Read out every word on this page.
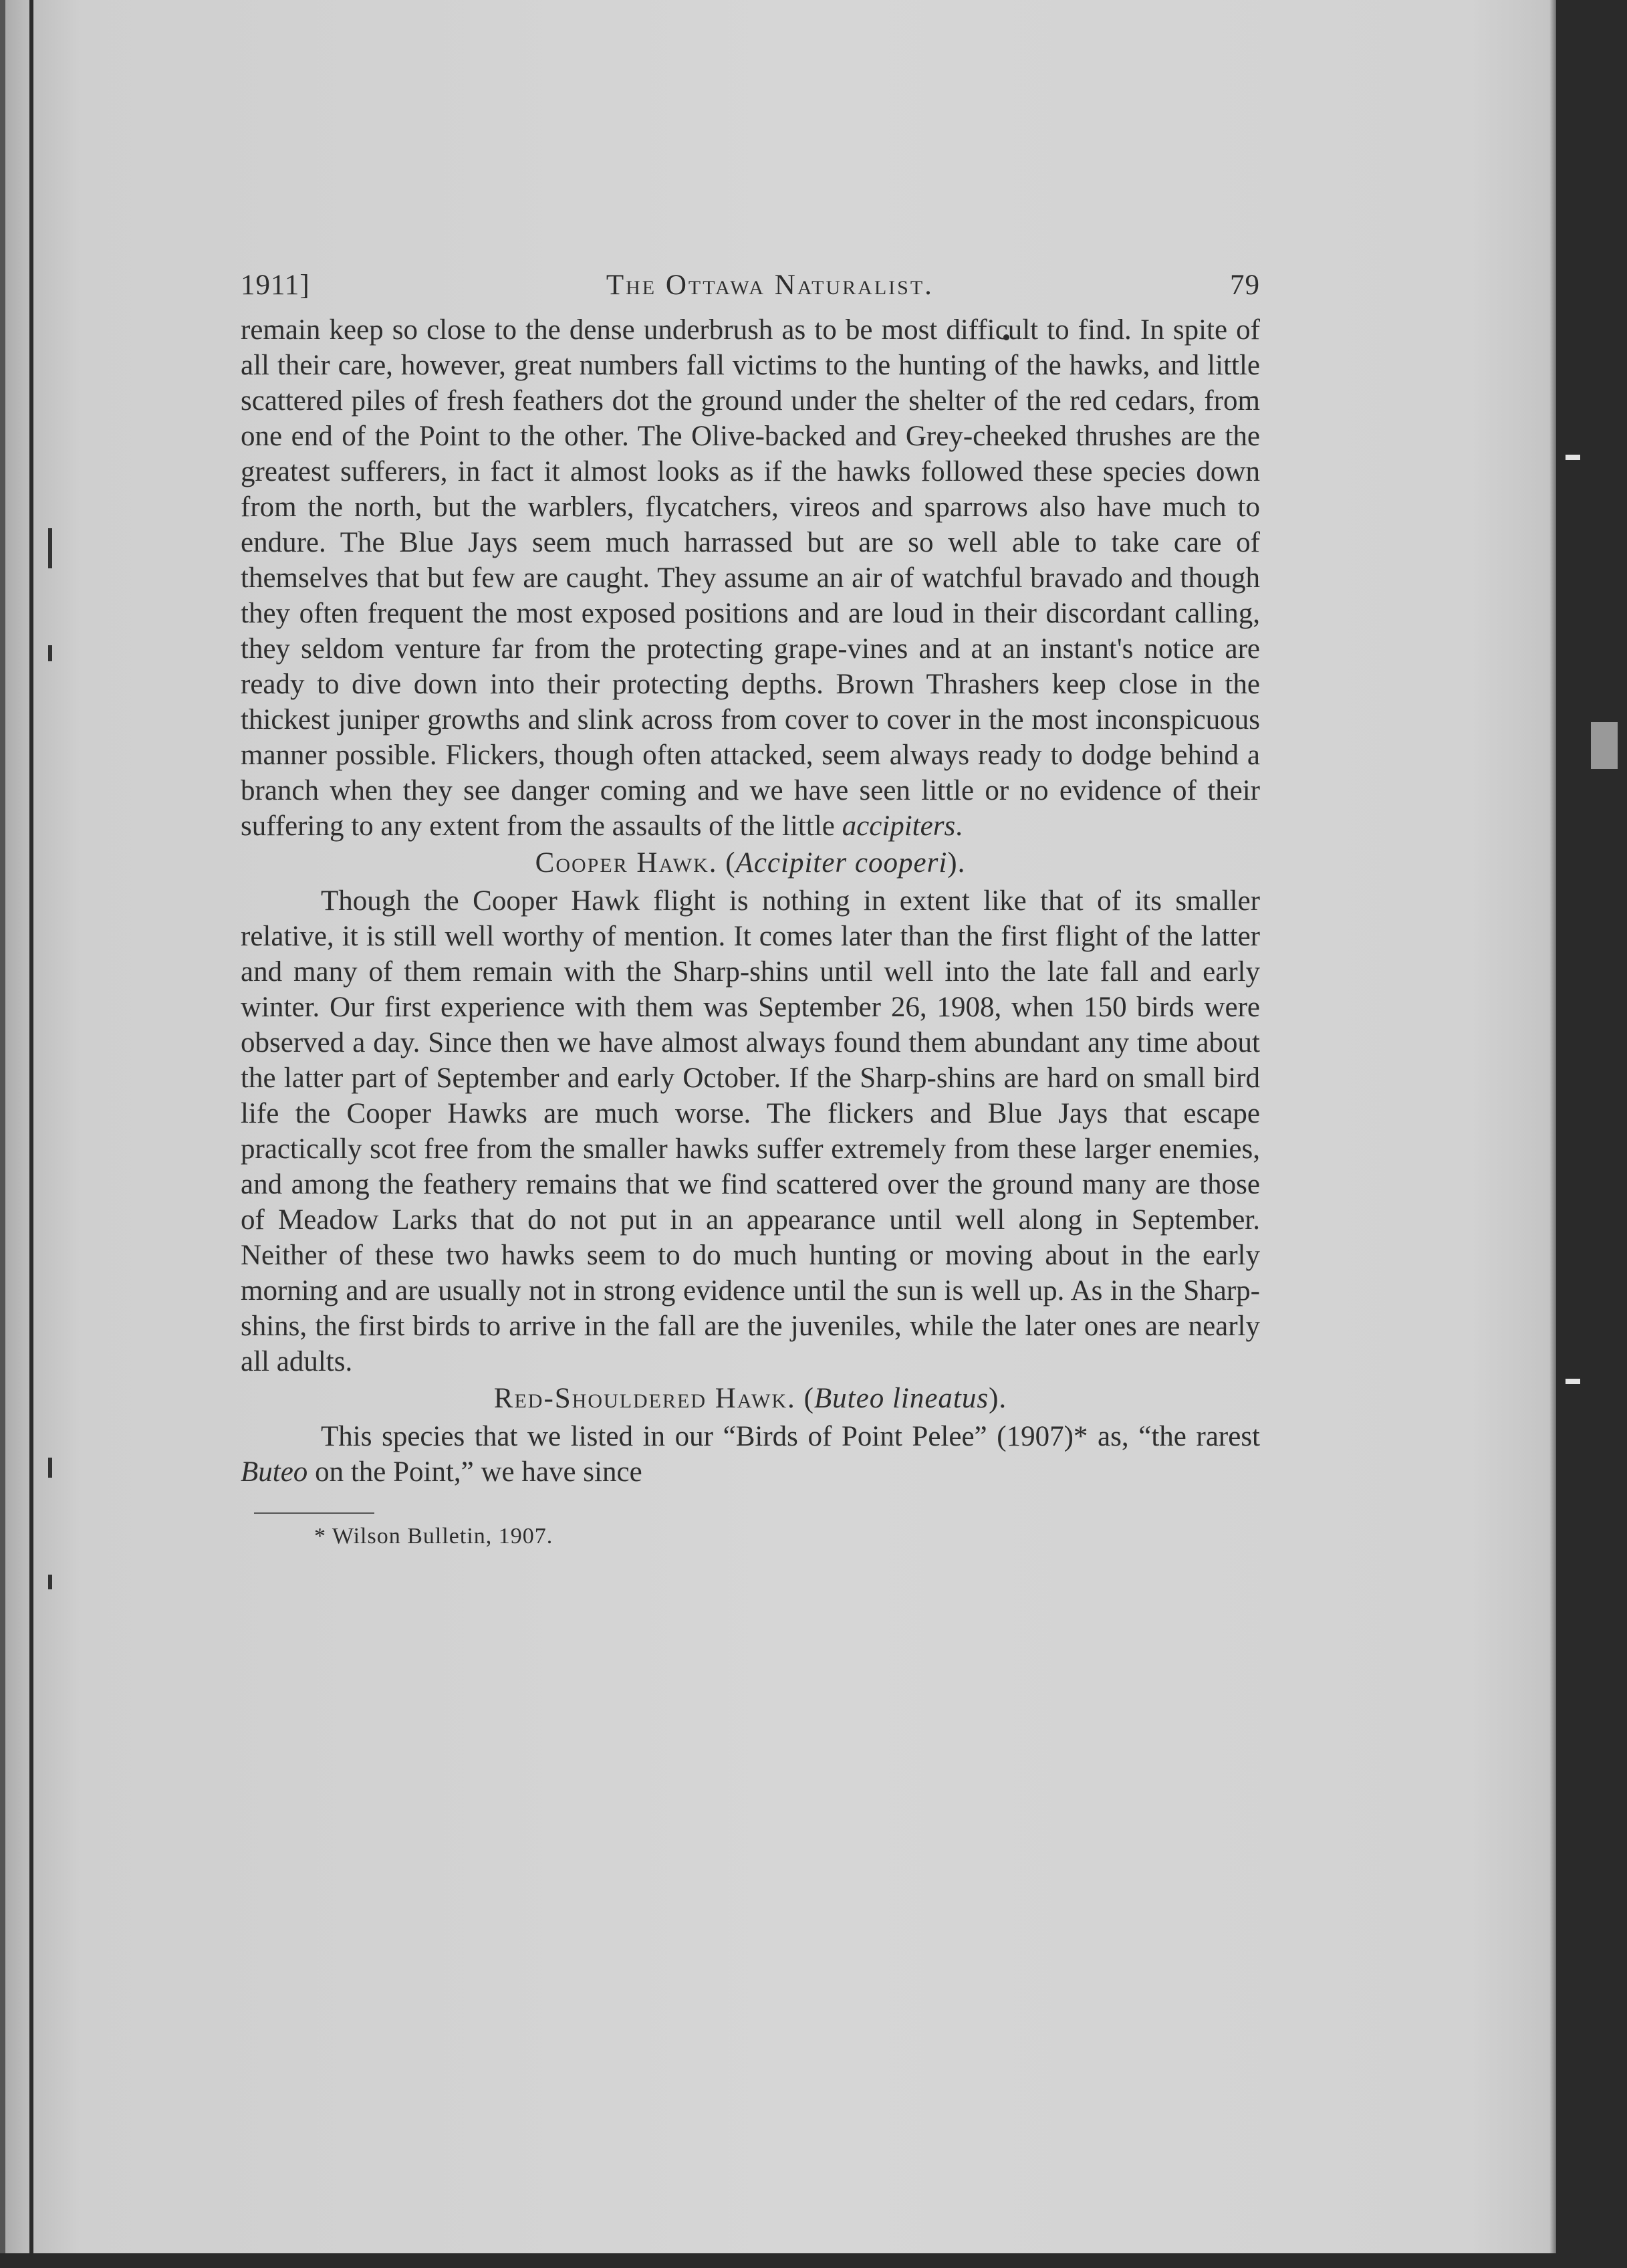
1911]	The Ottawa Naturalist.	79

remain keep so close to the dense underbrush as to be most difficult to find. In spite of all their care, however, great numbers fall victims to the hunting of the hawks, and little scattered piles of fresh feathers dot the ground under the shelter of the red cedars, from one end of the Point to the other. The Olive-backed and Grey-cheeked thrushes are the greatest sufferers, in fact it almost looks as if the hawks followed these species down from the north, but the warblers, flycatchers, vireos and sparrows also have much to endure. The Blue Jays seem much harrassed but are so well able to take care of themselves that but few are caught. They assume an air of watchful bravado and though they often frequent the most exposed positions and are loud in their discordant calling, they seldom venture far from the protecting grape-vines and at an instant's notice are ready to dive down into their protecting depths. Brown Thrashers keep close in the thickest juniper growths and slink across from cover to cover in the most inconspicuous manner possible. Flickers, though often attacked, seem always ready to dodge behind a branch when they see danger coming and we have seen little or no evidence of their suffering to any extent from the assaults of the little accipiters.

Cooper Hawk. (Accipiter cooperi).

Though the Cooper Hawk flight is nothing in extent like that of its smaller relative, it is still well worthy of mention. It comes later than the first flight of the latter and many of them remain with the Sharp-shins until well into the late fall and early winter. Our first experience with them was September 26, 1908, when 150 birds were observed a day. Since then we have almost always found them abundant any time about the latter part of September and early October. If the Sharp-shins are hard on small bird life the Cooper Hawks are much worse. The flickers and Blue Jays that escape practically scot free from the smaller hawks suffer extremely from these larger enemies, and among the feathery remains that we find scattered over the ground many are those of Meadow Larks that do not put in an appearance until well along in September. Neither of these two hawks seem to do much hunting or moving about in the early morning and are usually not in strong evidence until the sun is well up. As in the Sharp-shins, the first birds to arrive in the fall are the juveniles, while the later ones are nearly all adults.

Red-Shouldered Hawk. (Buteo lineatus).

This species that we listed in our “Birds of Point Pelee” (1907)* as, “the rarest Buteo on the Point,” we have since

* Wilson Bulletin, 1907.
